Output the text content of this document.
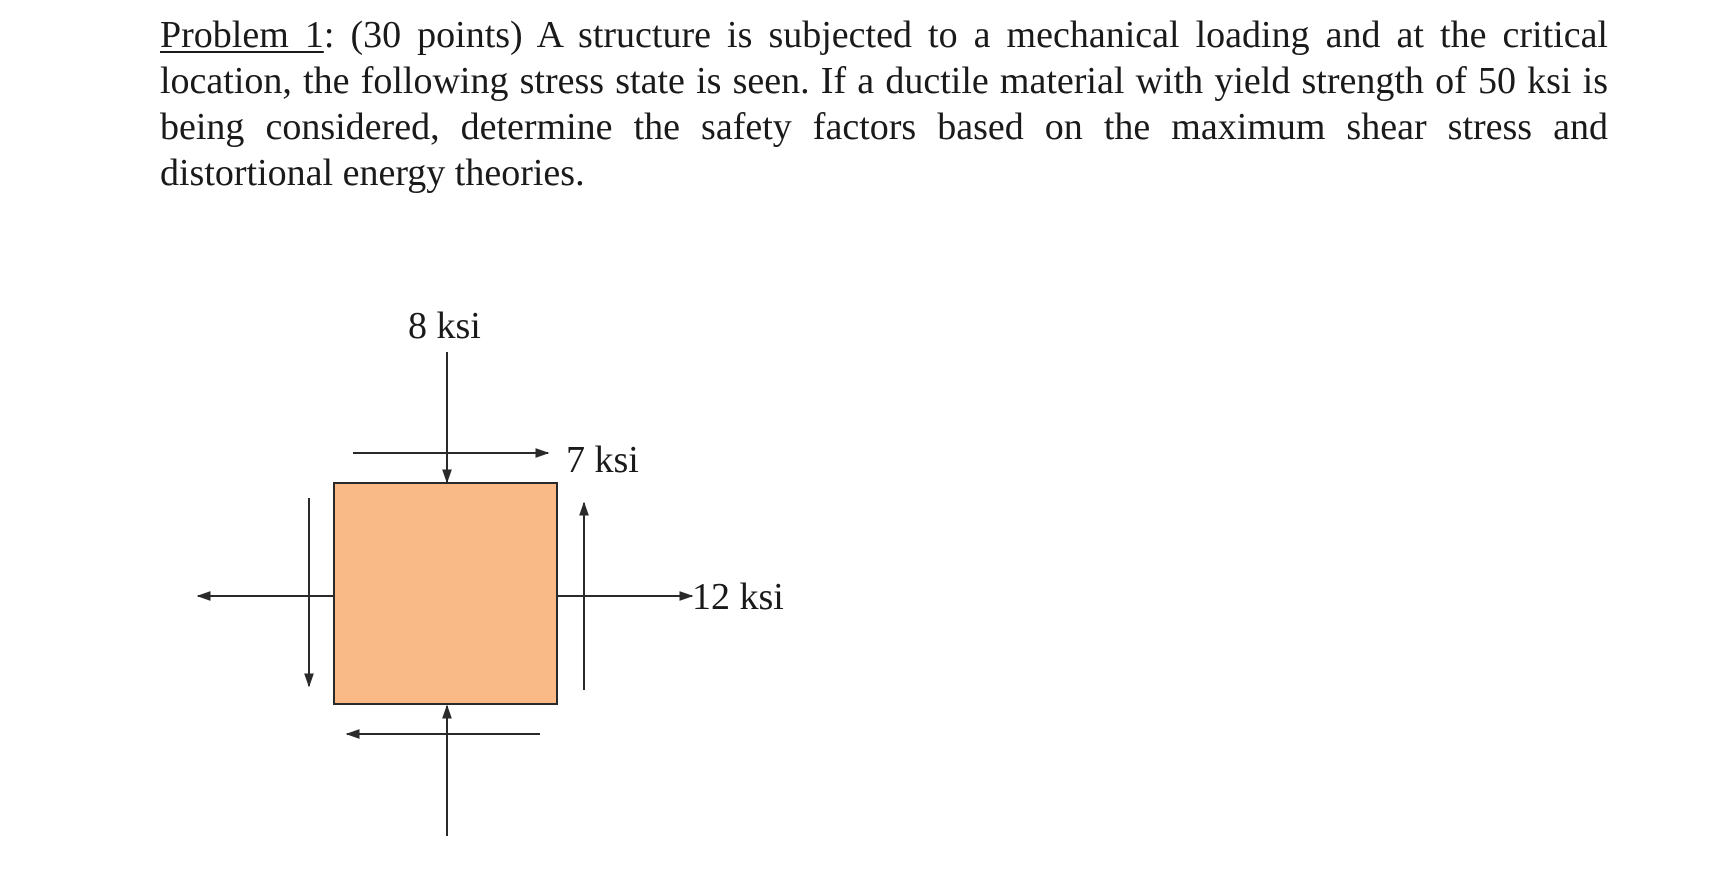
Problem 1: (30 points) A structure is subjected to a mechanical loading and at the critical location, the following stress state is seen. If a ductile material with yield strength of 50 ksi is being considered, determine the safety factors based on the maximum shear stress and distortional energy theories.
8 ksi
7 ksi
12 ksi
